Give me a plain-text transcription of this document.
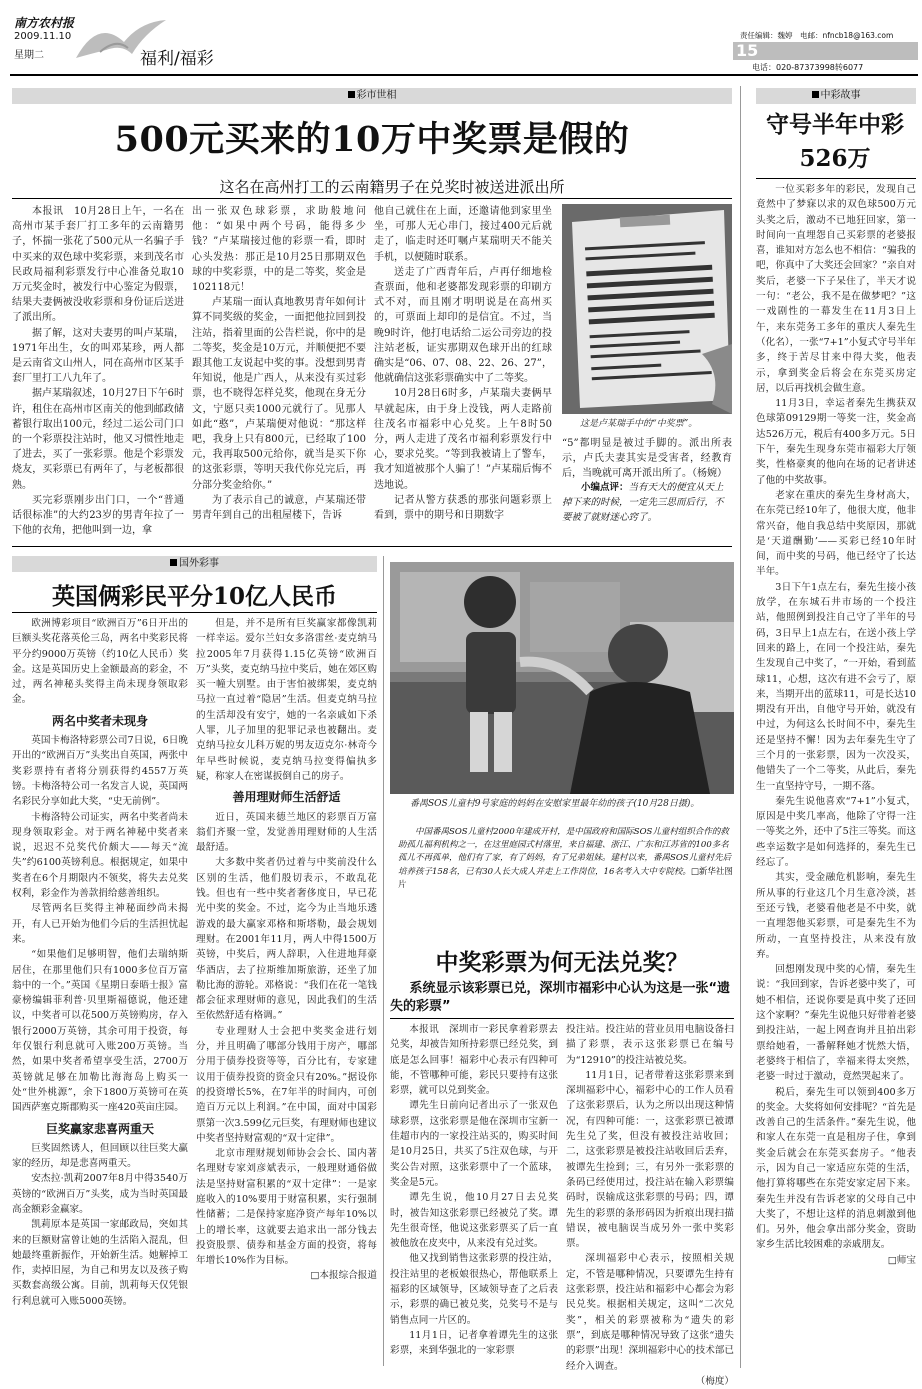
南方农村报
2009.11.10
星期二	福利/福彩
责任编辑：魏婷　电邮：nfncb18@163.com
15
电话：020-87373998转6077
彩市世相
500元买来的10万中奖票是假的
这名在高州打工的云南籍男子在兑奖时被送进派出所

本报讯　10月28日上午，一名在高州市某手套厂打工多年的云南籍男子，怀揣一张花了500元从一名骗子手中买来的双色球中奖彩票，来到茂名市民政局福利彩票发行中心准备兑取10万元奖金时，被发行中心鉴定为假票，结果夫妻俩被没收彩票和身份证后送进了派出所。

据了解，这对夫妻男的叫卢某瑞，1971年出生，女的叫邓某珍，两人都是云南省文山州人，同在高州市区某手套厂里打工八九年了。

据卢某瑞叙述，10月27日下午6时许，租住在高州市区南关的他到邮政储蓄银行取出100元，经过二运公司门口的一个彩票投注站时，他又习惯性地走了进去，买了一张彩票。他是个彩票发烧友，买彩票已有两年了，与老板都很熟。

买完彩票刚步出门口，一个“普通话很标准”的大约23岁的男青年拉了一下他的衣角，把他叫到一边，拿

出一张双色球彩票，求助般地问他：“如果中两个号码，能得多少钱？”卢某瑞接过他的彩票一看，即时心头发热：那正是10月25日那期双色球的中奖彩票，中的是二等奖，奖金是102118元！

卢某瑞一面认真地教男青年如何计算不同奖级的奖金，一面把他拉回到投注站，指着里面的公告栏说，你中的是二等奖，奖金是10万元，并顺便把不要跟其他工友说起中奖的事。没想到男青年知说，他是广西人，从来没有买过彩票，也不晓得怎样兑奖，他现在身无分文，宁愿只卖1000元就行了。见那人如此“憨”，卢某瑞便对他说：“那这样吧，我身上只有800元，已经取了100元，我再取500元给你，就当是买下你的这张彩票，等明天我代你兑完后，再分部分奖金给你。”

为了表示自己的诚意，卢某瑞还带男青年到自己的出租屋楼下，告诉

他自己就住在上面，还邀请他到家里坐坐，可那人无心串门，接过400元后就走了，临走时还叮嘱卢某瑞明天不能关手机，以便随时联系。

送走了广西青年后，卢再仔细地检查票面，他和老婆都发现彩票的印刷方式不对，而且刚才明明说是在高州买的，可票面上却印的是信宜。不过，当晚9时许，他打电话给二运公司旁边的投注站老板，证实那期双色球开出的红球确实是“06、07、08、22、26、27”，他就确信这张彩票确实中了二等奖。

10月28日6时多，卢某瑞夫妻俩早早就起床，由于身上没钱，两人走路前往茂名市福彩中心兑奖。上午8时50分，两人走进了茂名市福利彩票发行中心，要求兑奖。“等到我被请上了警车，我才知道被那个人骗了！”卢某瑞后悔不迭地说。

记者从警方获悉的那张问题彩票上看到，票中的期号和日期数字

这是卢某瑞手中的“中奖票”。

“5”都明显是被过手脚的。派出所表示，卢氏夫妻其实是受害者，经教育后，当晚就可离开派出所了。（杨婉）

小编点评：当有天大的便宜从天上掉下来的时候，一定先三思而后行，不要被了就财迷心窍了。
中彩故事
守号半年中彩526万

一位买彩多年的彩民，发现自己竟然中了梦寐以求的双色球500万元头奖之后，激动不已地狂回家，第一时间向一直埋怨自己买彩票的老婆报喜，谁知对方怎么也不相信：“骗我的吧，你真中了大奖还会回家？”亲自对奖后，老婆一下子呆住了，半天才说一句：“老公，我不是在做梦吧？”这一戏剧性的一幕发生在11月3日上午，来东莞务工多年的重庆人秦先生（化名），一张“7+1”小复式守号半年多，终于苦尽甘来中得大奖，他表示，拿到奖金后将会在东莞买房定居，以后再找机会做生意。

11月3日，幸运者秦先生携获双色球第09129期一等奖一注，奖金高达526万元，税后有400多万元。5日下午，秦先生现身东莞市福彩大厅领奖，性格豪爽的他向在场的记者讲述了他的中奖故事。

老家在重庆的秦先生身材高大，在东莞已经10年了，他很大度，他非常兴奋，他自我总结中奖原因，那就是‘天道酬勤’——买彩已经10年时间，而中奖的号码，他已经守了长达半年。

3日下午1点左右，秦先生接小孩放学，在东城石井市场的一个投注站，他照例到投注自己守了半年的号码，3日早上1点左右，在送小孩上学回来的路上，在同一个投注站，秦先生发现自己中奖了，“一开始，看到蓝球11，心想，这次有进不会亏了，原来，当期开出的蓝球11，可是长达10期没有开出，自他守号开始，就没有中过，为何这么长时间不中，秦先生还是坚持不懈！因为去年秦先生守了三个月的一张彩票，因为一次没买，他错失了一个二等奖，从此后，秦先生一直坚持守号，一期不落。

秦先生说他喜欢“7+1”小复式，原因是中奖几率高，他除了守得一注一等奖之外，还中了5注三等奖。而这些幸运数字是如何选择的，秦先生已经忘了。

其实，受金融危机影响，秦先生所从事的行业这几个月生意冷淡，甚至还亏钱，老婆看他老是不中奖，就一直埋怨他买彩票，可是秦先生不为所动，一直坚持投注，从来没有放弃。

回想刚发现中奖的心情，秦先生说：“我回到家，告诉老婆中奖了，可她不相信，还说你要是真中奖了还回这个家啊？”秦先生说他只好带着老婆到投注站，一起上网查询并且拍出彩票给她看，一番解释她才恍然大悟，老婆终于相信了，幸福来得太突然，老婆一时过于激动，竟然哭起来了。

税后，秦先生可以领到400多万的奖金。大奖将如何安排呢？“首先是改善自己的生活条件。”秦先生说，他和家人在东莞一直是租房子住，拿到奖金后就会在东莞买套房子。“他表示，因为自己一家适应东莞的生活，他打算将哪些在东莞安家定居下来。秦先生并没有告诉老家的父母自己中大奖了，不想让这样的消息刺激到他们。另外，他会拿出部分奖金，资助家乡生活比较困难的亲戚朋友。

□师宝

国外彩事
英国俩彩民平分10亿人民币

欧洲博彩项目“欧洲百万”6日开出的巨额头奖花落英伦三岛，两名中奖彩民将平分约9000万英镑（约10亿人民币）奖金。这是英国历史上金额最高的彩金，不过，两名神秘头奖得主尚未现身领取彩金。

两名中奖者未现身

英国卡梅洛特彩票公司7日说，6日晚开出的“欧洲百万”头奖出自英国，两张中奖彩票持有者将分别获得约4557万英镑。卡梅洛特公司一名发言人说，英国两名彩民分享如此大奖，“史无前例”。

卡梅洛特公司证实，两名中奖者尚未现身领取彩金。对于两名神秘中奖者来说，迟迟不兑奖代价颇大——每天“流失”约6100英镑利息。根据规定，如果中奖者在6个月期限内不领奖，将失去兑奖权利，彩金作为善款捐给慈善组织。

尽管两名巨奖得主神秘面纱尚未揭开，有人已开始为他们今后的生活担忧起来。

“如果他们足够明智，他们去瑞纳斯居住，在那里他们只有1000多位百万富翁中的一个。”英国《星期日泰晤士报》富豪榜编辑菲利普·贝里斯福德说，他还建议，中奖者可以花500万英镑购房，存入银行2000万英镑，其余可用于投资，每年仅银行利息就可入账200万英镑。当然，如果中奖者希望享受生活，2700万英镑就足够在加勒比海海岛上购买一处“世外桃源”，余下1800万英镑可在英国西萨塞克斯郡购买一座420英亩庄园。

巨奖赢家悲喜两重天

巨奖固然诱人，但回顾以往巨奖大赢家的经历，却是悲喜两重天。

安杰拉·凯莉2007年8月中得3540万英镑的“欧洲百万”头奖，成为当时英国最高金额彩金赢家。

凯莉原本是英国一家邮政局，突如其来的巨额财富曾让她的生活陷入混乱，但她最终重新振作，开始新生活。她解掉工作，卖掉旧屋，为自己和男友以及孩子购买数套高级公寓。目前，凯莉每天仅凭银行利息就可入账5000英镑。

但是，并不是所有巨奖赢家都像凯莉一样幸运。爱尔兰妇女多洛雷丝·麦克纳马拉2005年7月获得1.15亿英镑“欧洲百万”头奖，麦克纳马拉中奖后，她在郊区购买一幢大别墅。由于害怕被绑架，麦克纳马拉一直过着“隐居”生活。但麦克纳马拉的生活却没有安宁，她的一名亲戚如下杀人罪，儿子加里的犯罪记录也被翻出。麦克纳马拉女儿科万妮的男友迈克尔·林奇今年早些时候说，麦克纳马拉变得偏执多疑，称家人在密谋扳倒自己的房子。

善用理财师生活舒适

近日，英国来德兰地区的彩票百万富翁们齐聚一堂，发觉善用理财师的人生活最舒适。

大多数中奖者仍过着与中奖前没什么区别的生活，他们殷切表示，不敢乱花钱。但也有一些中奖者奢侈度日，早已花光中奖的奖金。不过，迄今为止当地乐透游戏的最大赢家邓格和斯塔勒，最会规划理财。在2001年11月，两人中得1500万英镑，中奖后，两人辞职，入住进地拜豪华酒店，去了拉斯维加斯旅游，还坐了加勒比海的游轮。邓格说：“我们在花一笔钱都会征求理财师的意见，因此我们的生活至依然舒适有格调。”

专业理财人士会把中奖奖金进行划分，并且明确了哪部分钱用于房产，哪部分用于债券投资等等，百分比有，专家建议用于债券投资的资金只有20%。”据设你的投资增长5%，在7年半的时间内，可创造百万元以上利润。”在中国，面对中国彩票第一次3.599亿元巨奖，有理财师也建议中奖者坚持财富观的“双十定律”。

北京市理财规划师协会会长、国内著名理财专家刘彦斌表示，一般理财通俗做法是坚持财富积累的“双十定律”：一是家庭收入的10%要用于财富积累，实行强制性储蓄；二是保持家庭净资产每年10%以上的增长率，这就要去追求出一部分钱去投资股票、债券和基金方面的投资，将每年增长10%作为目标。

□本报综合报道

番禺SOS儿童村9号家庭的妈妈在安慰家里最年幼的孩子(10月28日摄)。
中国番禺SOS儿童村2000年建成开村，是中国政府和国际SOS儿童村组织合作的救助孤儿福利机构之一，在这里庭园式村落里，来自福建、浙江、广东和江苏省的100多名孤儿不再孤单，他们有了家，有了妈妈，有了兄弟姐妹。建村以来，番禺SOS儿童村先后培养孩子158名，已有30人长大成人并走上工作岗位，16名考入大中专院校。□新华社图片
中奖彩票为何无法兑奖？
系统显示该彩票已兑，深圳市福彩中心认为这是一张“遗失的彩票”

本报讯　深圳市一彩民拿着彩票去兑奖，却被告知所持彩票已经兑奖，到底是怎么回事！福彩中心表示有四种可能，不管哪种可能，彩民只要持有这张彩票，就可以兑到奖金。

谭先生日前向记者出示了一张双色球彩票，这张彩票是他在深圳市宝新一佳超市内的一家投注站买的，购买时间是10月25日，共买了5注双色球，与开奖公告对照，这张彩票中了一个蓝球，奖金是5元。

谭先生说，他10月27日去兑奖时，被告知这张彩票已经被兑了奖。谭先生很奇怪，他说这张彩票买了后一直被他放在皮夹中，从来没有兑过奖。

他又找到销售这张彩票的投注站，投注站里的老板娘很热心，帮他联系上福彩的区域领导，区域领导查了之后表示，彩票的确已被兑奖，兑奖号不是与销售点同一片区的。

11月1日，记者拿着谭先生的这张彩票，来到华强北的一家彩票

投注站。投注站的营业员用电脑设备扫描了彩票，表示这张彩票已在编号为“12910”的投注站被兑奖。

11月1日，记者带着这张彩票来到深圳福彩中心，福彩中心的工作人员看了这张彩票后，认为之所以出现这种情况，有四种可能：一，这张彩票已被谭先生兑了奖，但没有被投注站收回；二，这张彩票是被投注站收回后丢弃，被谭先生捡到；三，有另外一张彩票的条码已经使用过，投注站在输入彩票编码时，误输成这张彩票的号码；四，谭先生的彩票的条形码因为折痕出现扫描错误，被电脑误当成另外一张中奖彩票。

深圳福彩中心表示，按照相关规定，不管是哪种情况，只要谭先生持有这张彩票，投注站和福彩中心都会为彩民兑奖。根据相关规定，这叫“二次兑奖”，相关的彩票被称为“遗失的彩票”，到底是哪种情况导致了这张“遗失的彩票”出现！深圳福彩中心的技术部已经介入调查。

（梅度）
